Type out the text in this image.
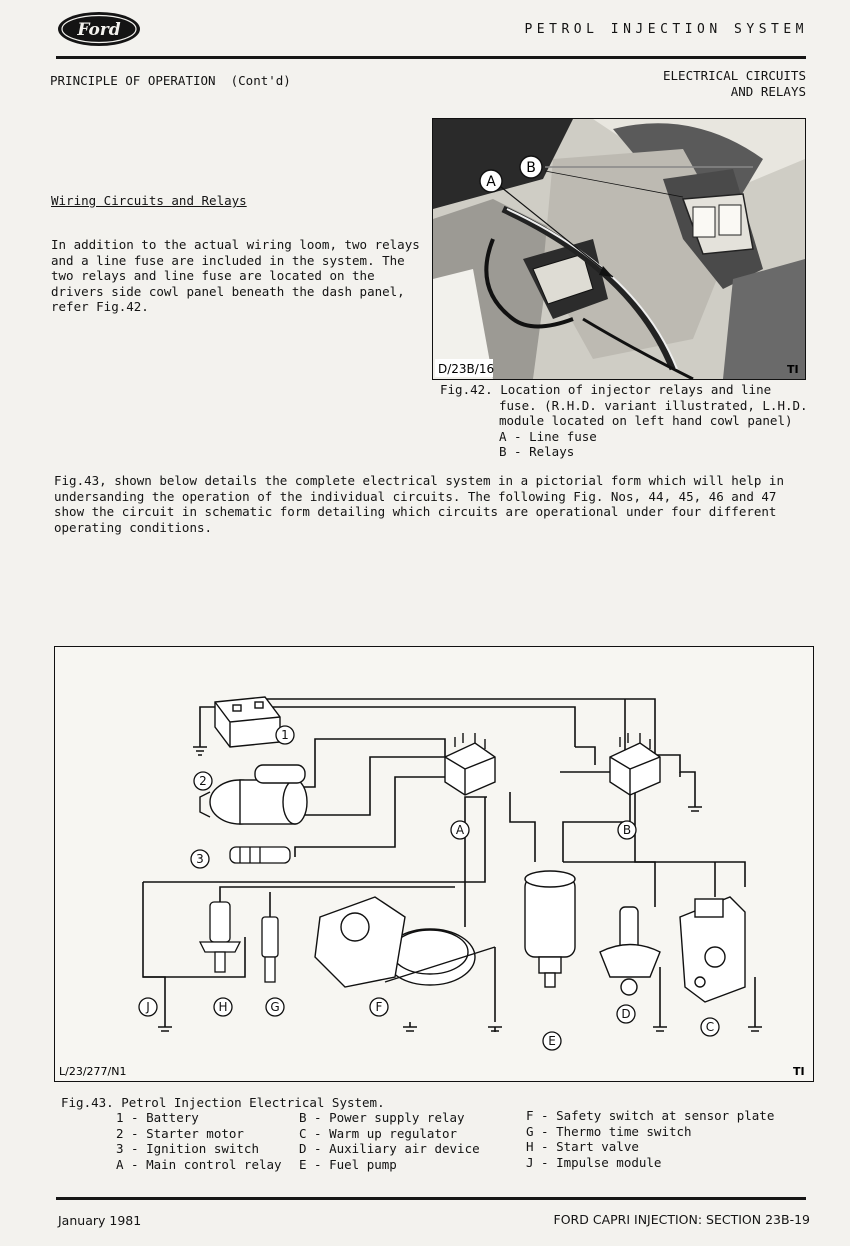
Ford	PETROL INJECTION SYSTEM
PRINCIPLE OF OPERATION  (Cont'd)	ELECTRICAL CIRCUITS
AND RELAYS
Wiring Circuits and Relays
In addition to the actual wiring loom, two relays
and a line fuse are included in the system. The
two relays and line fuse are located on the
drivers side cowl panel beneath the dash panel,
refer Fig.42.
A
B
D/23B/16	TI
Fig.42. Location of injector relays and line
fuse. (R.H.D. variant illustrated, L.H.D.
module located on left hand cowl panel)
A - Line fuse
B - Relays
Fig.43, shown below details the complete electrical system in a pictorial form which will help in undersanding the operation of the individual circuits. The following Fig. Nos, 44, 45, 46 and 47 show the circuit in schematic form detailing which circuits are operational under four different operating conditions.
1
2
3
A	B
C
D
E
F
G
H
J
L/23/277/N1	TI
Fig.43. Petrol Injection Electrical System.
1 - Battery
2 - Starter motor
3 - Ignition switch
A - Main control relay
B - Power supply relay
C - Warm up regulator
D - Auxiliary air device
E - Fuel pump
F - Safety switch at sensor plate
G - Thermo time switch
H - Start valve
J - Impulse module
January 1981	FORD CAPRI INJECTION: SECTION 23B-19
